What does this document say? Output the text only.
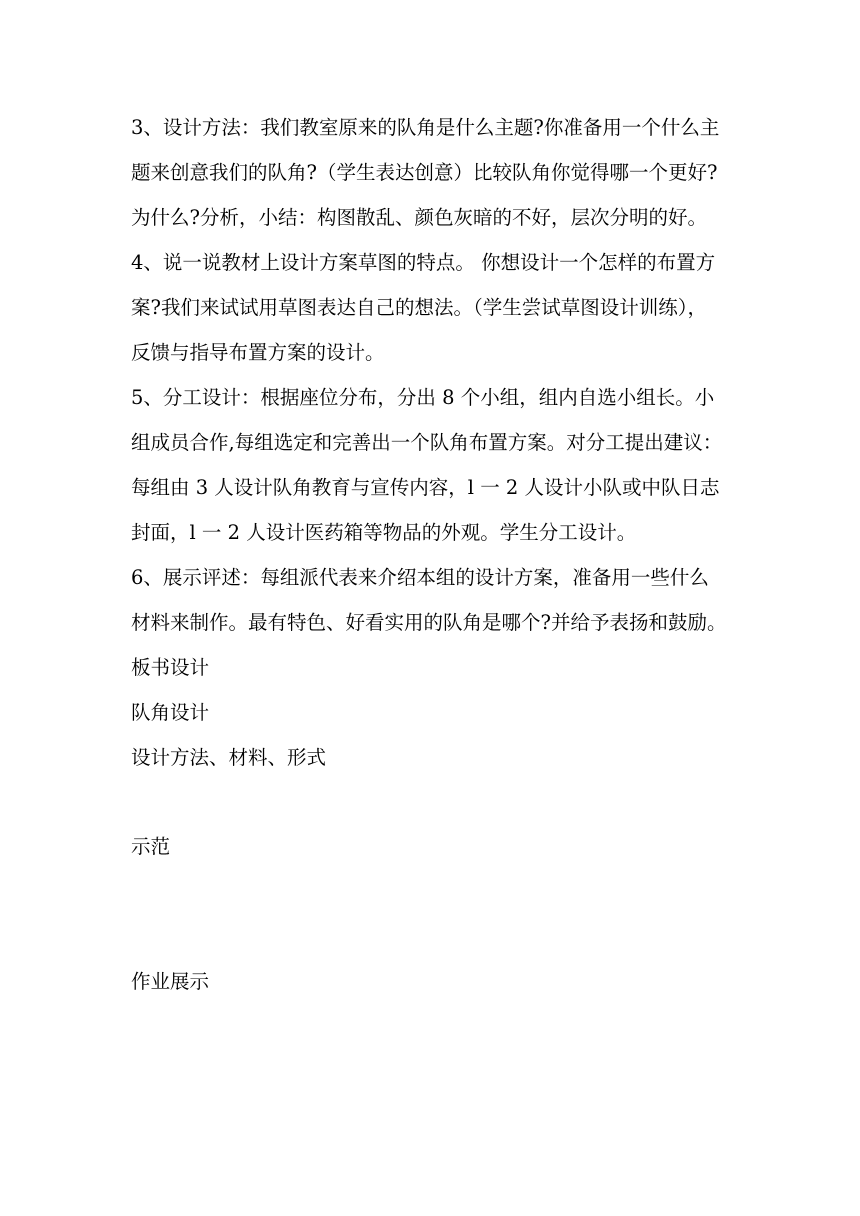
3、设计方法：我们教室原来的队角是什么主题?你准备用一个什么主
题来创意我们的队角?（学生表达创意）比较队角你觉得哪一个更好?
为什么?分析，小结：构图散乱、颜色灰暗的不好，层次分明的好。
4、说一说教材上设计方案草图的特点。 你想设计一个怎样的布置方
案?我们来试试用草图表达自己的想法。（学生尝试草图设计训练），
反馈与指导布置方案的设计。
5、分工设计：根据座位分布，分出 8 个小组，组内自选小组长。小
组成员合作,每组选定和完善出一个队角布置方案。对分工提出建议：
每组由 3 人设计队角教育与宣传内容，l 一 2 人设计小队或中队日志
封面，l 一 2 人设计医药箱等物品的外观。学生分工设计。
6、展示评述：每组派代表来介绍本组的设计方案，准备用一些什么
材料来制作。最有特色、好看实用的队角是哪个?并给予表扬和鼓励。
板书设计
队角设计
设计方法、材料、形式
示范
作业展示
